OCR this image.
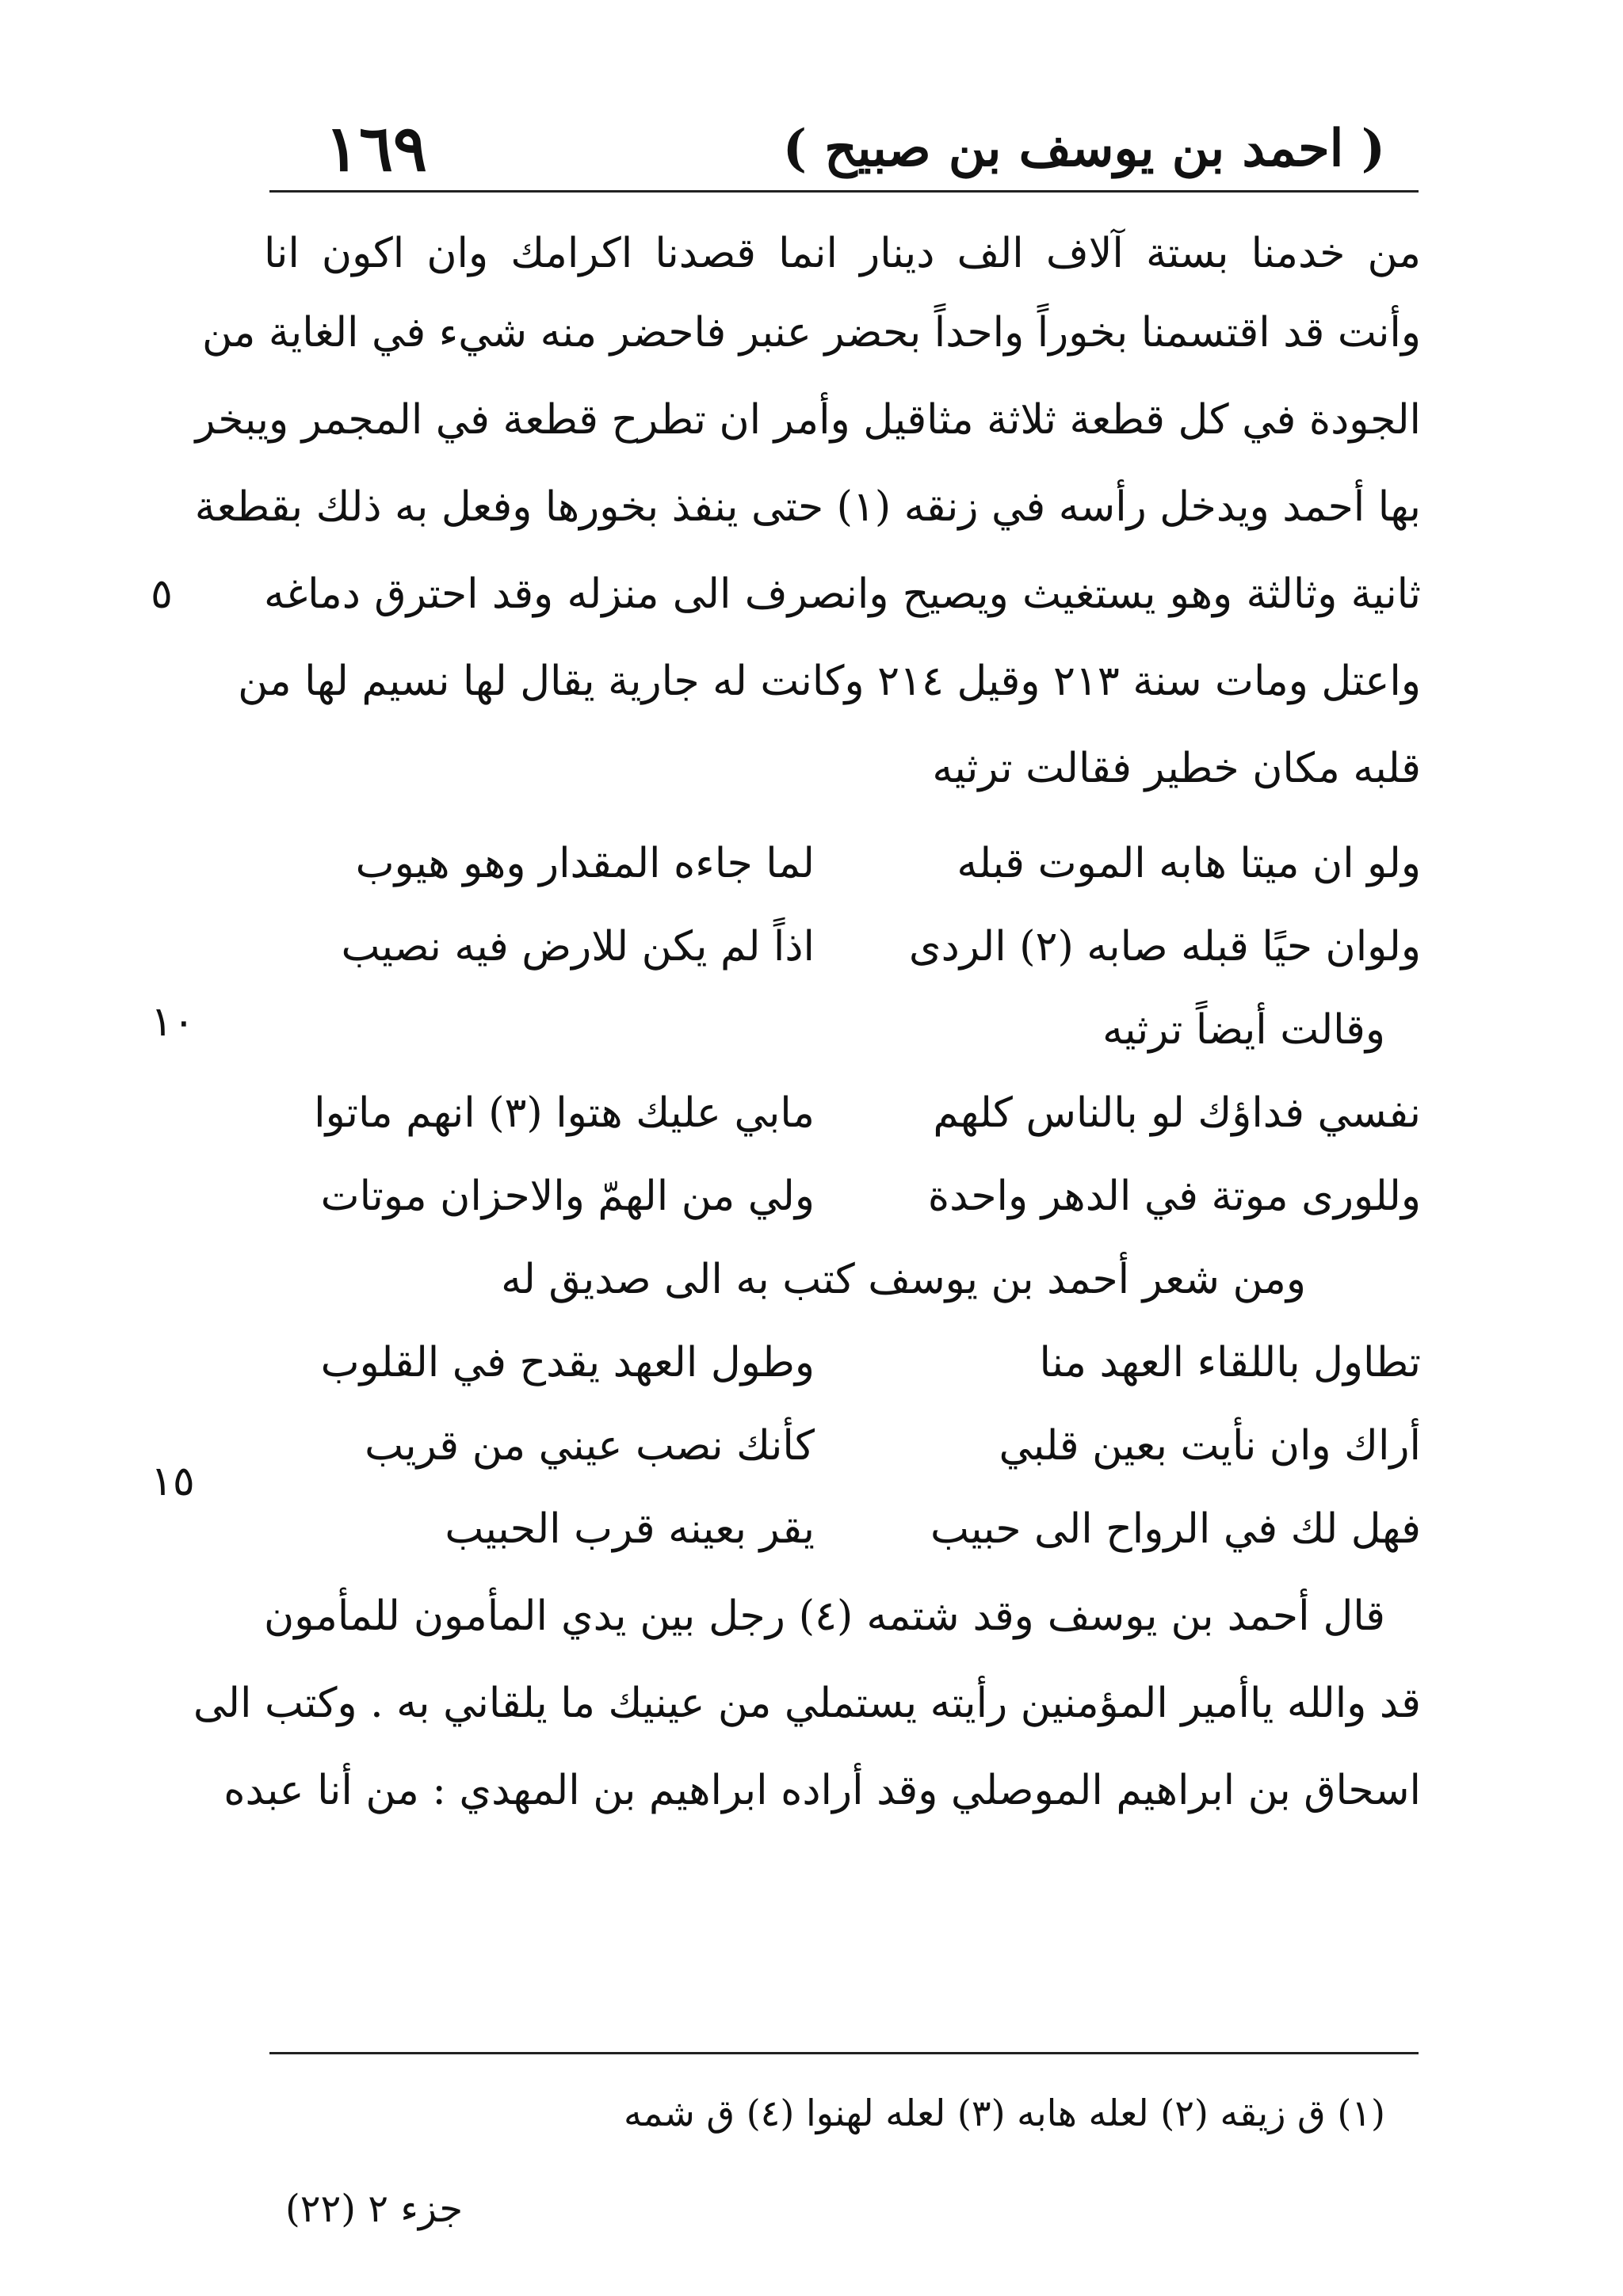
( احمد بن يوسف بن صبيح )
١٦٩
من خدمنا بستة آلاف الف دينار انما قصدنا اكرامك وان اكون انا
وأنت قد اقتسمنا بخوراً واحداً بحضر عنبر فاحضر منه شيء في الغاية من
الجودة في كل قطعة ثلاثة مثاقيل وأمر ان تطرح قطعة في المجمر ويبخر
بها أحمد ويدخل رأسه في زنقه (١) حتى ينفذ بخورها وفعل به ذلك بقطعة
ثانية وثالثة وهو يستغيث ويصيح وانصرف الى منزله وقد احترق دماغه
واعتل ومات سنة ٢١٣ وقيل ٢١٤ وكانت له جارية يقال لها نسيم لها من
قلبه مكان خطير فقالت ترثيه
٥
ولو ان ميتا هابه الموت قبله
لما جاءه المقدار وهو هيوب
ولوان حيًا قبله صابه (٢) الردى
اذاً لم يكن للارض فيه نصيب
وقالت أيضاً ترثيه
١٠
نفسي فداؤك لو بالناس كلهم
مابي عليك هتوا (٣) انهم ماتوا
وللورى موتة في الدهر واحدة
ولي من الهمّ والاحزان موتات
ومن شعر أحمد بن يوسف كتب به الى صديق له
تطاول باللقاء العهد منا
وطول العهد يقدح في القلوب
أراك وان نأيت بعين قلبي
كأنك نصب عيني من قريب
فهل لك في الرواح الى حبيب
يقر بعينه قرب الحبيب
١٥
قال أحمد بن يوسف وقد شتمه (٤) رجل بين يدي المأمون للمأمون
قد والله ياأمير المؤمنين رأيته يستملي من عينيك ما يلقاني به . وكتب الى
اسحاق بن ابراهيم الموصلي وقد أراده ابراهيم بن المهدي : من أنا عبده
(١) ق زيقه (٢) لعله هابه (٣) لعله لهنوا (٤) ق شمه
جزء ٢ (٢٢)
